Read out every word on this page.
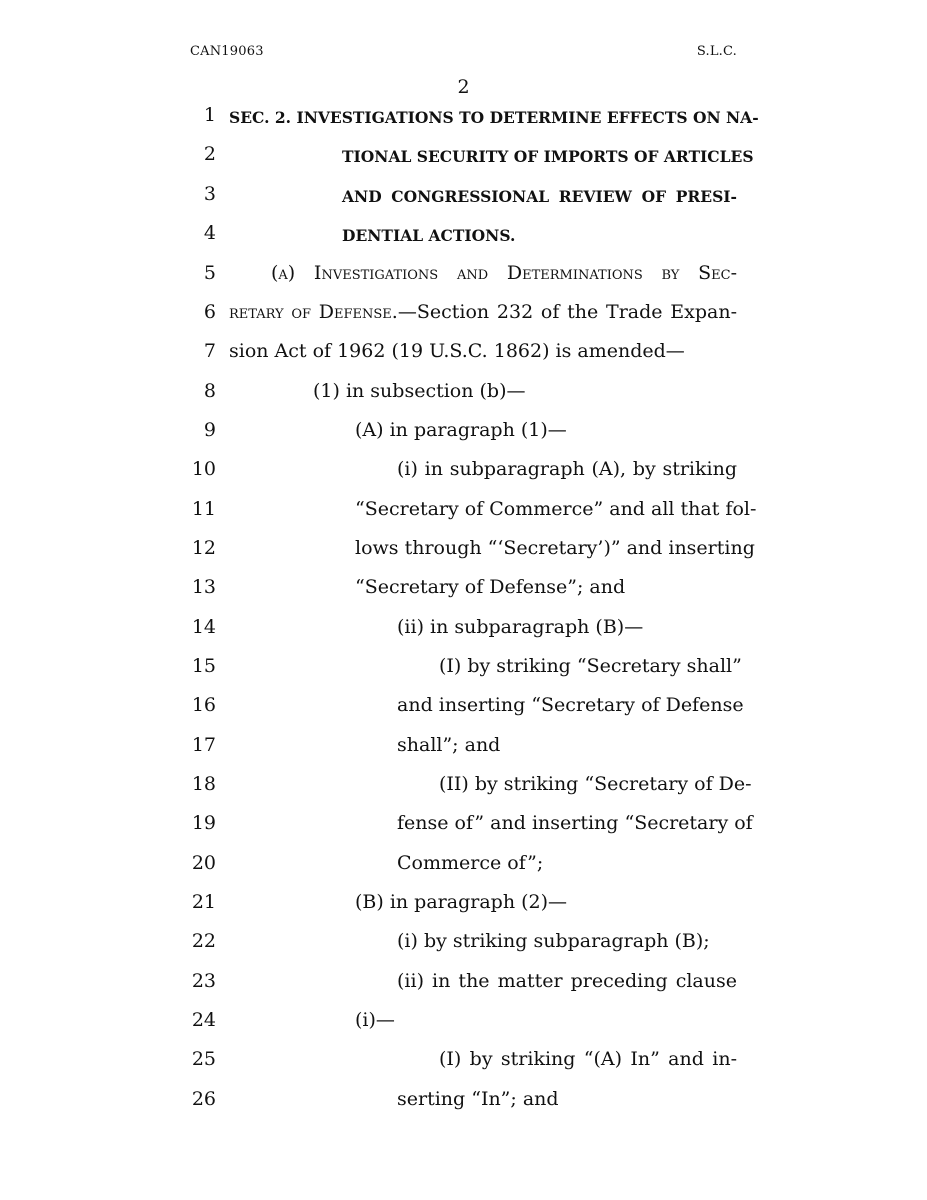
CAN19063	S.L.C.
2
1 SEC. 2. INVESTIGATIONS TO DETERMINE EFFECTS ON NA-
2	TIONAL SECURITY OF IMPORTS OF ARTICLES
3	AND CONGRESSIONAL REVIEW OF PRESI-
4	DENTIAL ACTIONS.
5	(a) Investigations and Determinations by Sec-
6 retary of Defense.—Section 232 of the Trade Expan-
7 sion Act of 1962 (19 U.S.C. 1862) is amended—
8	(1) in subsection (b)—
9	(A) in paragraph (1)—
10	(i) in subparagraph (A), by striking
11	“Secretary of Commerce” and all that fol-
12	lows through “‘Secretary’)” and inserting
13	“Secretary of Defense”; and
14	(ii) in subparagraph (B)—
15	(I) by striking “Secretary shall”
16	and inserting “Secretary of Defense
17	shall”; and
18	(II) by striking “Secretary of De-
19	fense of” and inserting “Secretary of
20	Commerce of”;
21	(B) in paragraph (2)—
22	(i) by striking subparagraph (B);
23	(ii) in the matter preceding clause
24	(i)—
25	(I) by striking “(A) In” and in-
26	serting “In”; and
